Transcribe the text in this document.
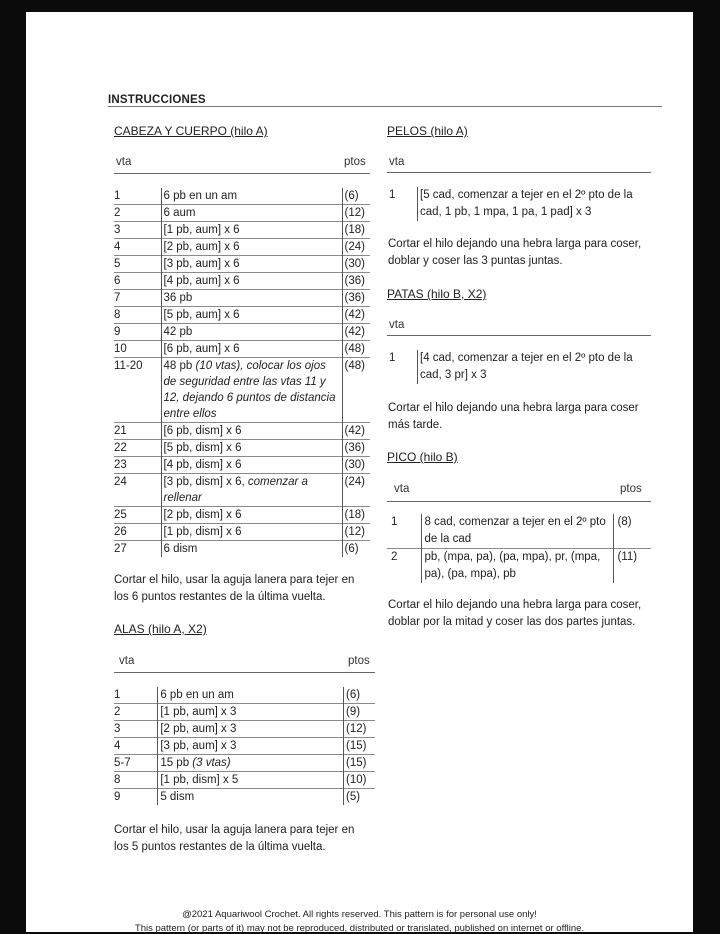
INSTRUCCIONES
CABEZA Y CUERPO (hilo A)
vta	ptos
1	6 pb en un am	(6)
2	6 aum	(12)
3	[1 pb, aum] x 6	(18)
4	[2 pb, aum] x 6	(24)
5	[3 pb, aum] x 6	(30)
6	[4 pb, aum] x 6	(36)
7	36 pb	(36)
8	[5 pb, aum] x 6	(42)
9	42 pb	(42)
10	[6 pb, aum] x 6	(48)
11-20	48 pb (10 vtas), colocar los ojos de seguridad entre las vtas 11 y 12, dejando 6 puntos de distancia entre ellos	(48)
21	[6 pb, dism] x 6	(42)
22	[5 pb, dism] x 6	(36)
23	[4 pb, dism] x 6	(30)
24	[3 pb, dism] x 6, comenzar a rellenar	(24)
25	[2 pb, dism] x 6	(18)
26	[1 pb, dism] x 6	(12)
27	6 dism	(6)
Cortar el hilo, usar la aguja lanera para tejer en los 6 puntos restantes de la última vuelta.
ALAS (hilo A, X2)
vta	ptos
1	6 pb en un am	(6)
2	[1 pb, aum] x 3	(9)
3	[2 pb, aum] x 3	(12)
4	[3 pb, aum] x 3	(15)
5-7	15 pb (3 vtas)	(15)
8	[1 pb, dism] x 5	(10)
9	5 dism	(5)
Cortar el hilo, usar la aguja lanera para tejer en los 5 puntos restantes de la última vuelta.
PELOS (hilo A)
vta
1	[5 cad, comenzar a tejer en el 2º pto de la cad, 1 pb, 1 mpa, 1 pa, 1 pad] x 3
Cortar el hilo dejando una hebra larga para coser, doblar y coser las 3 puntas juntas.
PATAS (hilo B, X2)
vta
1	[4 cad, comenzar a tejer en el 2º pto de la cad, 3 pr] x 3
Cortar el hilo dejando una hebra larga para coser más tarde.
PICO (hilo B)
vta	ptos
1	8 cad, comenzar a tejer en el 2º pto de la cad	(8)
2	pb, (mpa, pa), (pa, mpa), pr, (mpa, pa), (pa, mpa), pb	(11)
Cortar el hilo dejando una hebra larga para coser, doblar por la mitad y coser las dos partes juntas.
@2021 Aquariwool Crochet. All rights reserved. This pattern is for personal use only!
This pattern (or parts of it) may not be reproduced, distributed or translated, published on internet or offline.
